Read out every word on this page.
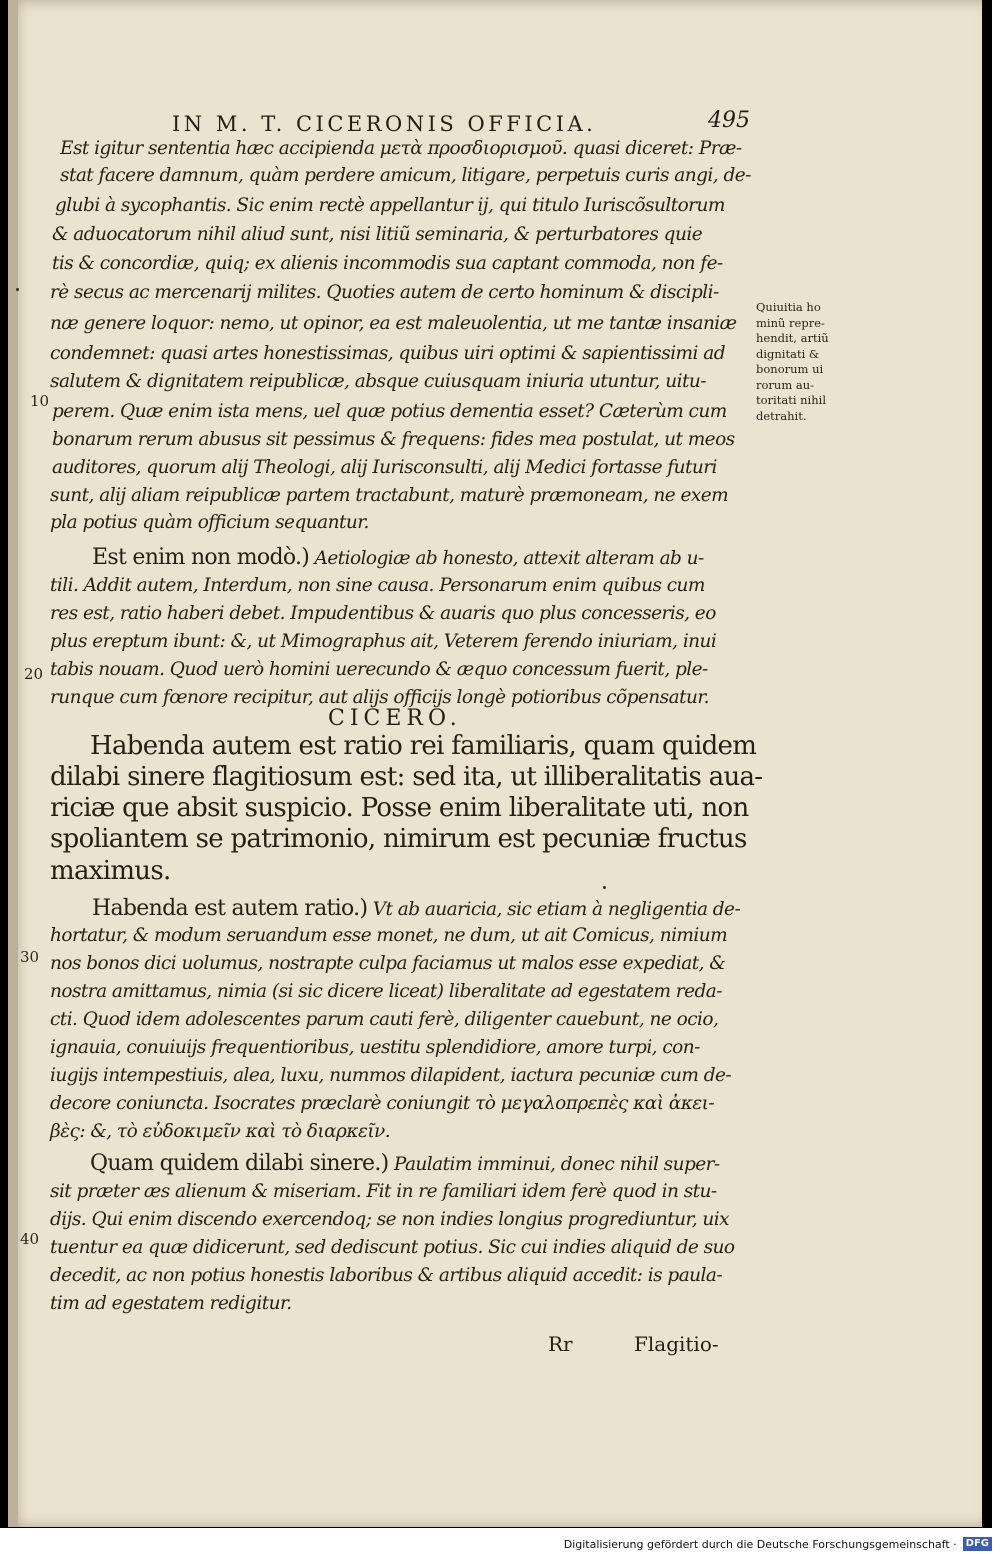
IN M. T. CICERONIS OFFICIA.	495
Est igitur sententia hæc accipienda μετὰ προσδιορισμοῦ. quasi diceret: Præ-
stat facere damnum, quàm perdere amicum, litigare, perpetuis curis angi, de-
glubi à sycophantis. Sic enim rectè appellantur ij, qui titulo Iuriscõsultorum
& aduocatorum nihil aliud sunt, nisi litiũ seminaria, & perturbatores quie
tis & concordiæ, quiq; ex alienis incommodis sua captant commoda, non fe-
rè secus ac mercenarij milites. Quoties autem de certo hominum & discipli-
næ genere loquor: nemo, ut opinor, ea est maleuolentia, ut me tantæ insaniæ
condemnet: quasi artes honestissimas, quibus uiri optimi & sapientissimi ad
salutem & dignitatem reipublicæ, absque cuiusquam iniuria utuntur, uitu-
perem. Quæ enim ista mens, uel quæ potius dementia esset? Cæterùm cum
bonarum rerum abusus sit pessimus & frequens: fides mea postulat, ut meos
auditores, quorum alij Theologi, alij Iurisconsulti, alij Medici fortasse futuri
sunt, alij aliam reipublicæ partem tractabunt, maturè præmoneam, ne exem
pla potius quàm officium sequantur.
10
Est enim non modò.) Aetiologiæ ab honesto, attexit alteram ab u-
tili. Addit autem, Interdum, non sine causa. Personarum enim quibus cum
res est, ratio haberi debet. Impudentibus & auaris quo plus concesseris, eo
plus ereptum ibunt: &, ut Mimographus ait, Veterem ferendo iniuriam, inui
tabis nouam. Quod uerò homini uerecundo & æquo concessum fuerit, ple-
runque cum fœnore recipitur, aut alijs officijs longè potioribus cõpensatur.
20
CICERO.
Habenda autem est ratio rei familiaris, quam quidem
dilabi sinere flagitiosum est: sed ita, ut illiberalitatis aua-
riciæ que absit suspicio. Posse enim liberalitate uti, non
spoliantem se patrimonio, nimirum est pecuniæ fructus
maximus.
Habenda est autem ratio.) Vt ab auaricia, sic etiam à negligentia de-
hortatur, & modum seruandum esse monet, ne dum, ut ait Comicus, nimium
nos bonos dici uolumus, nostrapte culpa faciamus ut malos esse expediat, &
nostra amittamus, nimia (si sic dicere liceat) liberalitate ad egestatem reda-
cti. Quod idem adolescentes parum cauti ferè, diligenter cauebunt, ne ocio,
ignauia, conuiuijs frequentioribus, uestitu splendidiore, amore turpi, con-
iugijs intempestiuis, alea, luxu, nummos dilapident, iactura pecuniæ cum de-
decore coniuncta. Isocrates præclarè coniungit τὸ μεγαλοπρεπὲς καὶ ἀκει-
βὲς: &, τὸ εὐδοκιμεῖν καὶ τὸ διαρκεῖν.
30
Quam quidem dilabi sinere.) Paulatim imminui, donec nihil super-
sit præter æs alienum & miseriam. Fit in re familiari idem ferè quod in stu-
dijs. Qui enim discendo exercendoq; se non indies longius progrediuntur, uix
tuentur ea quæ didicerunt, sed dediscunt potius. Sic cui indies aliquid de suo
decedit, ac non potius honestis laboribus & artibus aliquid accedit: is paula-
tim ad egestatem redigitur.
40
Quiuitia ho
minũ repre-
hendit, artiũ
dignitati &
bonorum ui
rorum au-
toritati nihil
detrahit.
Rr	Flagitio-
Digitalisierung gefördert durch die Deutsche Forschungsgemeinschaft · DFG
